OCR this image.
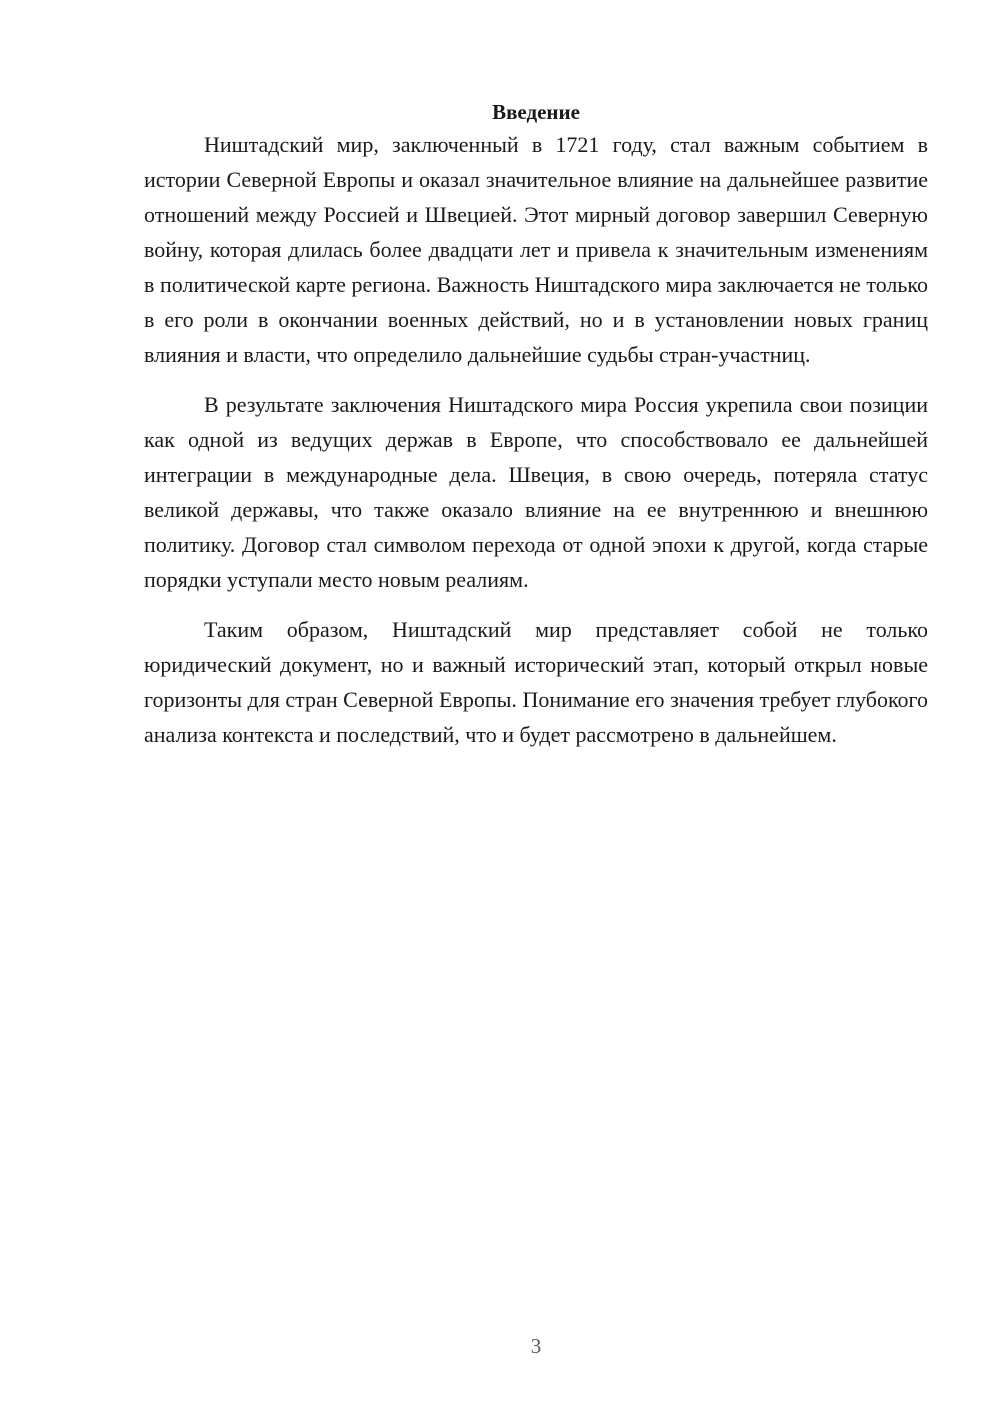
Введение

Ништадский мир, заключенный в 1721 году, стал важным событием в истории Северной Европы и оказал значительное влияние на дальнейшее развитие отношений между Россией и Швецией. Этот мирный договор завершил Северную войну, которая длилась более двадцати лет и привела к значительным изменениям в политической карте региона. Важность Ништадского мира заключается не только в его роли в окончании военных действий, но и в установлении новых границ влияния и власти, что определило дальнейшие судьбы стран-участниц.

В результате заключения Ништадского мира Россия укрепила свои позиции как одной из ведущих держав в Европе, что способствовало ее дальнейшей интеграции в международные дела. Швеция, в свою очередь, потеряла статус великой державы, что также оказало влияние на ее внутреннюю и внешнюю политику. Договор стал символом перехода от одной эпохи к другой, когда старые порядки уступали место новым реалиям.

Таким образом, Ништадский мир представляет собой не только юридический документ, но и важный исторический этап, который открыл новые горизонты для стран Северной Европы. Понимание его значения требует глубокого анализа контекста и последствий, что и будет рассмотрено в дальнейшем.

3
